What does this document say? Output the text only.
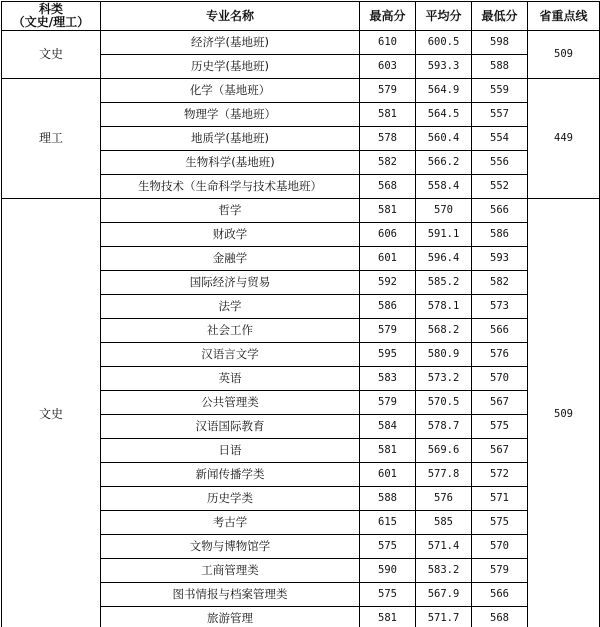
科类
（文史/理工）	专业名称	最高分	平均分	最低分	省重点线
文史	经济学(基地班)	610	600.5	598	509
	历史学(基地班)	603	593.3	588	
理工	化学（基地班）	579	564.9	559	449
	物理学（基地班）	581	564.5	557	
	地质学(基地班)	578	560.4	554	
	生物科学(基地班)	582	566.2	556	
	生物技术（生命科学与技术基地班）	568	558.4	552	
文史	哲学	581	570	566	509
	财政学	606	591.1	586	
	金融学	601	596.4	593	
	国际经济与贸易	592	585.2	582	
	法学	586	578.1	573	
	社会工作	579	568.2	566	
	汉语言文学	595	580.9	576	
	英语	583	573.2	570	
	公共管理类	579	570.5	567	
	汉语国际教育	584	578.7	575	
	日语	581	569.6	567	
	新闻传播学类	601	577.8	572	
	历史学类	588	576	571	
	考古学	615	585	575	
	文物与博物馆学	575	571.4	570	
	工商管理类	590	583.2	579	
	图书情报与档案管理类	575	567.9	566	
	旅游管理	581	571.7	568	
